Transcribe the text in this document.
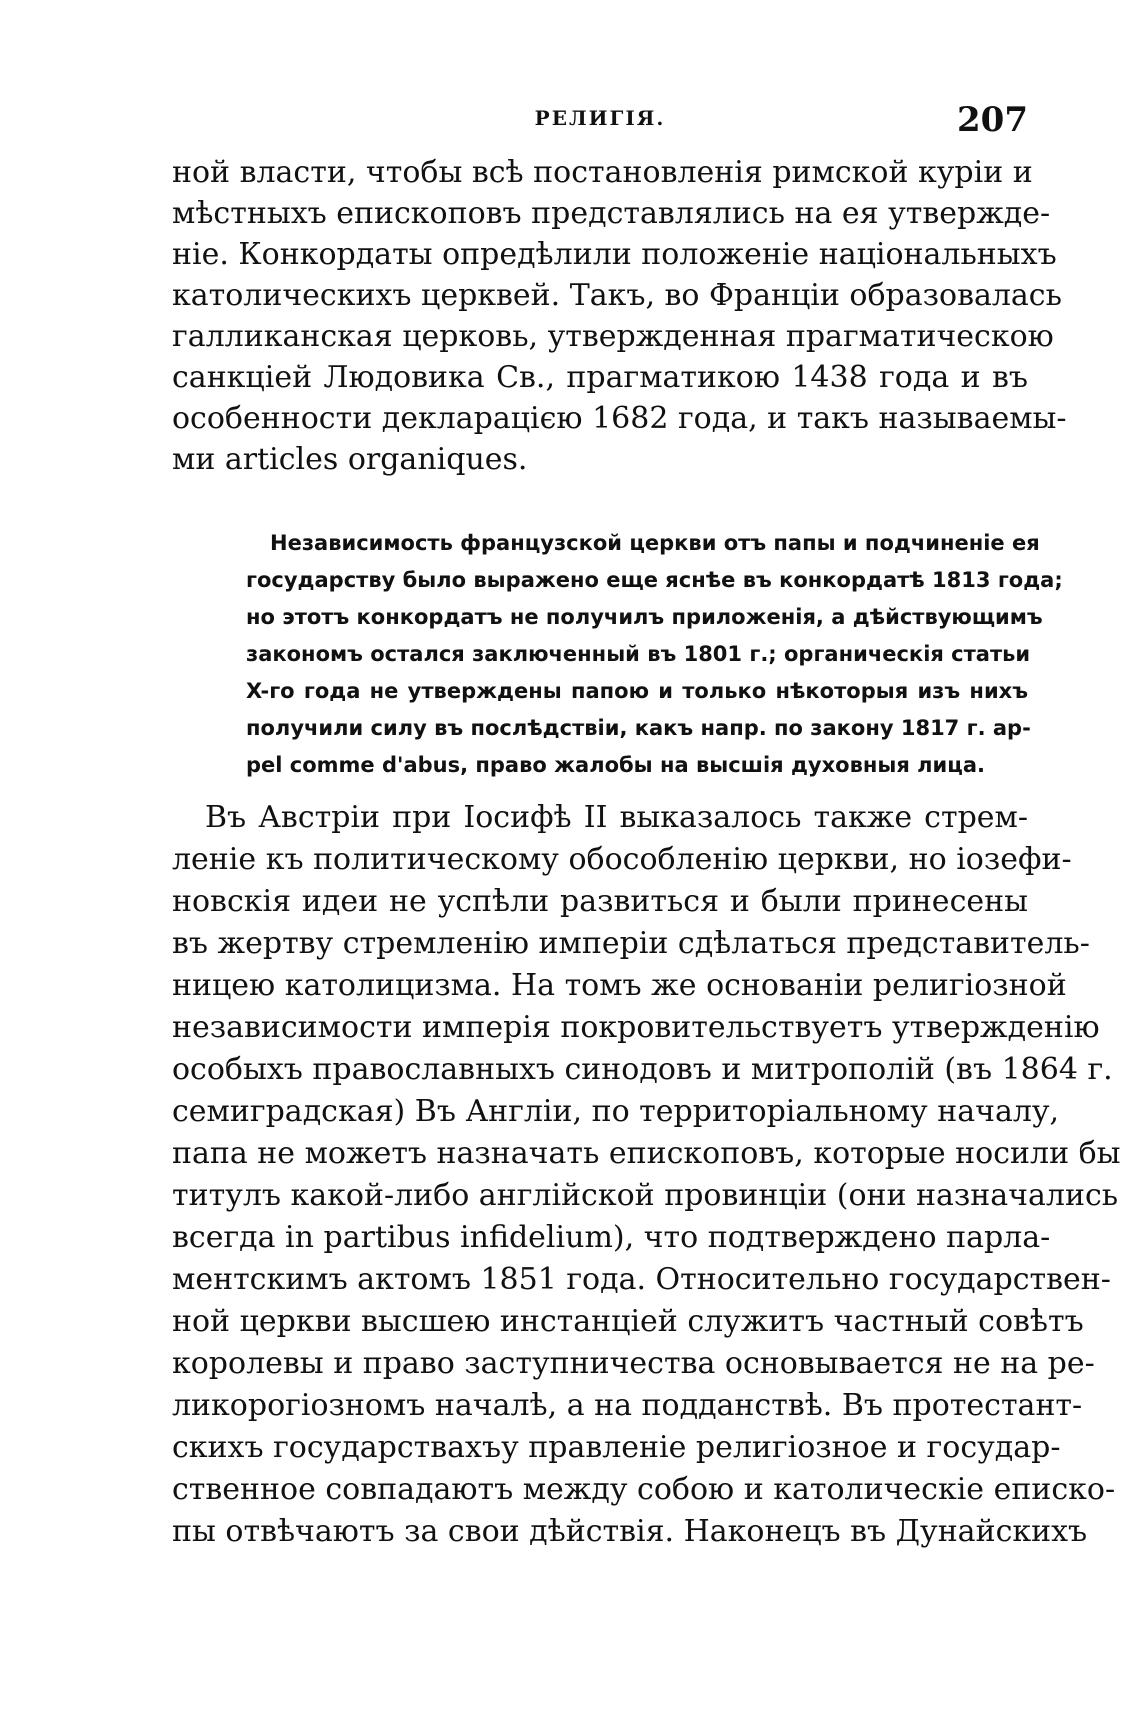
РЕЛИГІЯ.	207
ной власти, чтобы всѣ постановленія римской куріи и
мѣстныхъ епископовъ представлялись на ея утвержде-
ніе. Конкордаты опредѣлили положеніе національныхъ
католическихъ церквей. Такъ, во Франціи образовалась
галликанская церковь, утвержденная прагматическою
санкціей Людовика Св., прагматикою 1438 года и въ
особенности декларацією 1682 года, и такъ называемы-
ми articles organiques.
Независимость французской церкви отъ папы и подчиненіе ея
государству было выражено еще яснѣе въ конкордатѣ 1813 года;
но этотъ конкордатъ не получилъ приложенія, а дѣйствующимъ
закономъ остался заключенный въ 1801 г.; органическія статьи
X-го года не утверждены папою и только нѣкоторыя изъ нихъ
получили силу въ послѣдствіи, какъ напр. по закону 1817 г. ар-
pel comme d'abus, право жалобы на высшія духовныя лица.
Въ Австріи при Іосифѣ II выказалось также стрем-
леніе къ политическому обособленію церкви, но іозефи-
новскія идеи не успѣли развиться и были принесены
въ жертву стремленію имперіи сдѣлаться представитель-
ницею католицизма. На томъ же основаніи религіозной
независимости имперія покровительствуетъ утвержденію
особыхъ православныхъ синодовъ и митрополій (въ 1864 г.
семиградская) Въ Англіи, по территоріальному началу,
папа не можетъ назначать епископовъ, которые носили бы
титулъ какой-либо англійской провинціи (они назначались
всегда in partibus infidelium), что подтверждено парла-
ментскимъ актомъ 1851 года. Относительно государствен-
ной церкви высшею инстанціей служитъ частный совѣтъ
королевы и право заступничества основывается не на ре-
ликорогіозномъ началѣ, а на подданствѣ. Въ протестант-
скихъ государствахъу правленіе религіозное и государ-
ственное совпадаютъ между собою и католическіе еписко-
пы отвѣчаютъ за свои дѣйствія. Наконецъ въ Дунайскихъ
